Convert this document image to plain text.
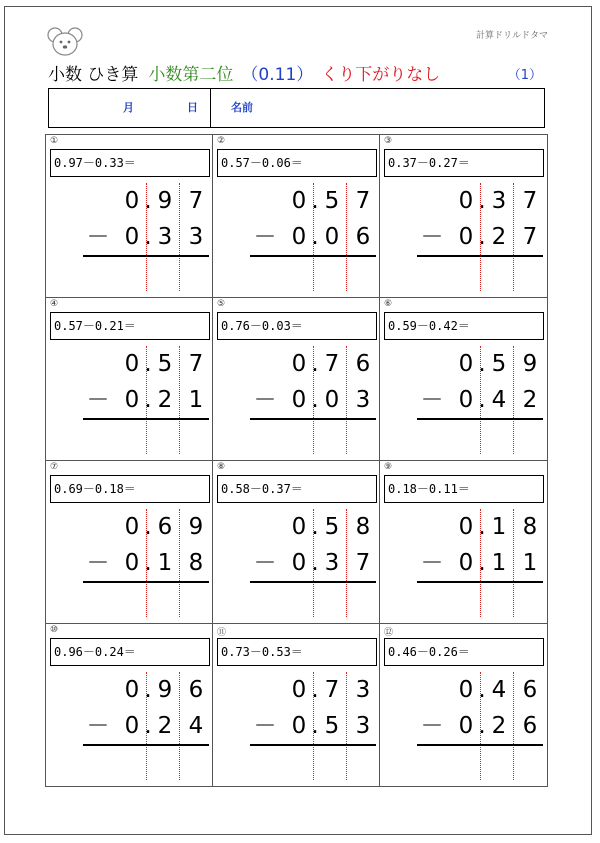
計算ドリルドタマ
小数 ひき算 小数第二位 （0.11） くり下がりなし	（1）
月	日	名前
①
0.97－0.33＝
0 9 7
.
0 3 3
.
－
②
0.57－0.06＝
0 5 7
.
0 0 6
.
－
③
0.37－0.27＝
0 3 7
.
0 2 7
.
－
④
0.57－0.21＝
0 5 7
.
0 2 1
.
－
⑤
0.76－0.03＝
0 7 6
.
0 0 3
.
－
⑥
0.59－0.42＝
0 5 9
.
0 4 2
.
－
⑦
0.69－0.18＝
0 6 9
.
0 1 8
.
－
⑧
0.58－0.37＝
0 5 8
.
0 3 7
.
－
⑨
0.18－0.11＝
0 1 8
.
0 1 1
.
－
⑩
0.96－0.24＝
0 9 6
.
0 2 4
.
－
⑪
0.73－0.53＝
0 7 3
.
0 5 3
.
－
⑫
0.46－0.26＝
0 4 6
.
0 2 6
.
－
